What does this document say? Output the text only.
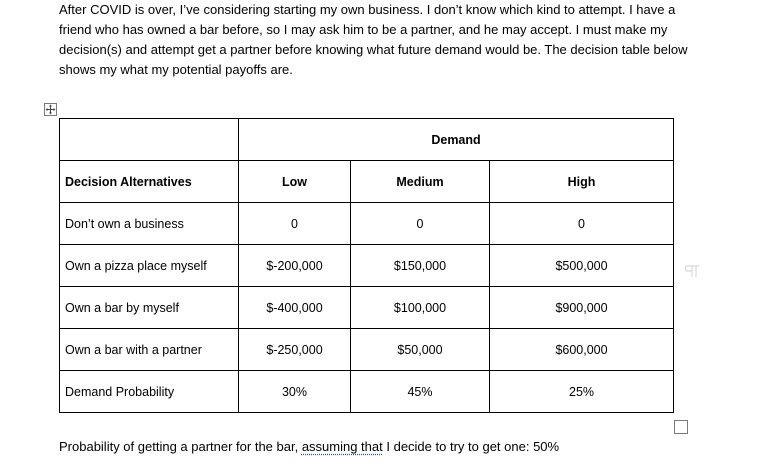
After COVID is over, I’ve considering starting my own business. I don’t know which kind to attempt. I have a friend who has owned a bar before, so I may ask him to be a partner, and he may accept. I must make my decision(s) and attempt get a partner before knowing what future demand would be. The decision table below shows my what my potential payoffs are.

	Demand		
Decision Alternatives	Low	Medium	High
Don’t own a business	0	0	0
Own a pizza place myself	$-200,000	$150,000	$500,000
Own a bar by myself	$-400,000	$100,000	$900,000
Own a bar with a partner	$-250,000	$50,000	$600,000
Demand Probability	30%	45%	25%

Probability of getting a partner for the bar, assuming that I decide to try to get one: 50%
